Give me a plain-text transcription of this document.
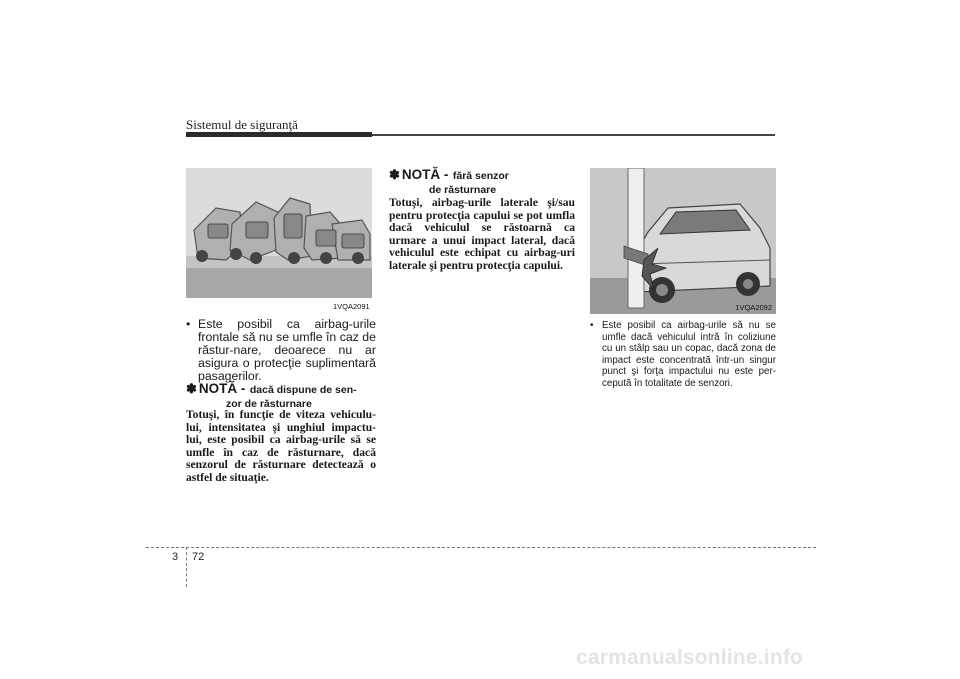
Sistemul de siguranţă
1VQA2091
• Este posibil ca airbag-urile frontale să nu se umfle în caz de răstur-nare, deoarece nu ar asigura o protecţie suplimentară pasagerilor.
✽ NOTĂ - dacă dispune de sen-
zor de răsturnare
Totuşi, în funcţie de viteza vehiculu-lui, intensitatea şi unghiul impactu-lui, este posibil ca airbag-urile să se umfle în caz de răsturnare, dacă senzorul de răsturnare detectează o astfel de situaţie.
✽ NOTĂ - fără senzor
de răsturnare
Totuşi, airbag-urile laterale şi/sau pentru protecţia capului se pot umfla dacă vehiculul se răstoarnă ca urmare a unui impact lateral, dacă vehiculul este echipat cu airbag-uri laterale şi pentru protecţia capului.
1VQA2092
• Este posibil ca airbag-urile să nu se umfle dacă vehiculul intră în coliziune cu un stâlp sau un copac, dacă zona de impact este concentrată într-un singur punct şi forţa impactului nu este per-cepută în totalitate de senzori.
3 72
carmanualsonline.info
